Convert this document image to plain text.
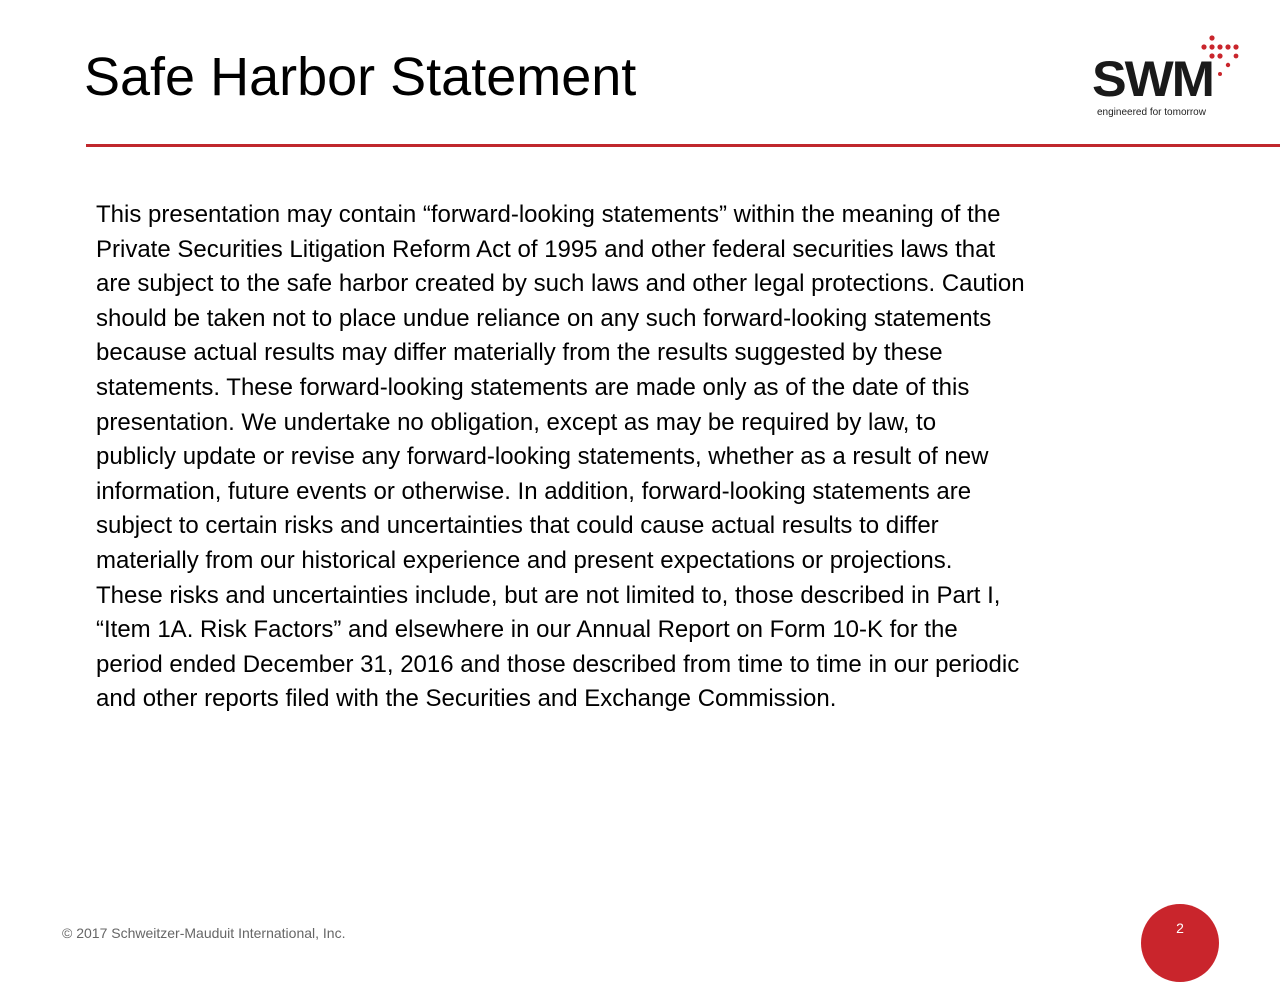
Safe Harbor Statement	SWM
engineered for tomorrow
This presentation may contain “forward-looking statements” within the meaning of the
Private Securities Litigation Reform Act of 1995 and other federal securities laws that
are subject to the safe harbor created by such laws and other legal protections. Caution
should be taken not to place undue reliance on any such forward-looking statements
because actual results may differ materially from the results suggested by these
statements. These forward-looking statements are made only as of the date of this
presentation. We undertake no obligation, except as may be required by law, to
publicly update or revise any forward-looking statements, whether as a result of new
information, future events or otherwise. In addition, forward-looking statements are
subject to certain risks and uncertainties that could cause actual results to differ
materially from our historical experience and present expectations or projections.
These risks and uncertainties include, but are not limited to, those described in Part I,
“Item 1A. Risk Factors” and elsewhere in our Annual Report on Form 10-K for the
period ended December 31, 2016 and those described from time to time in our periodic
and other reports filed with the Securities and Exchange Commission.
© 2017 Schweitzer-Mauduit International, Inc.	2
